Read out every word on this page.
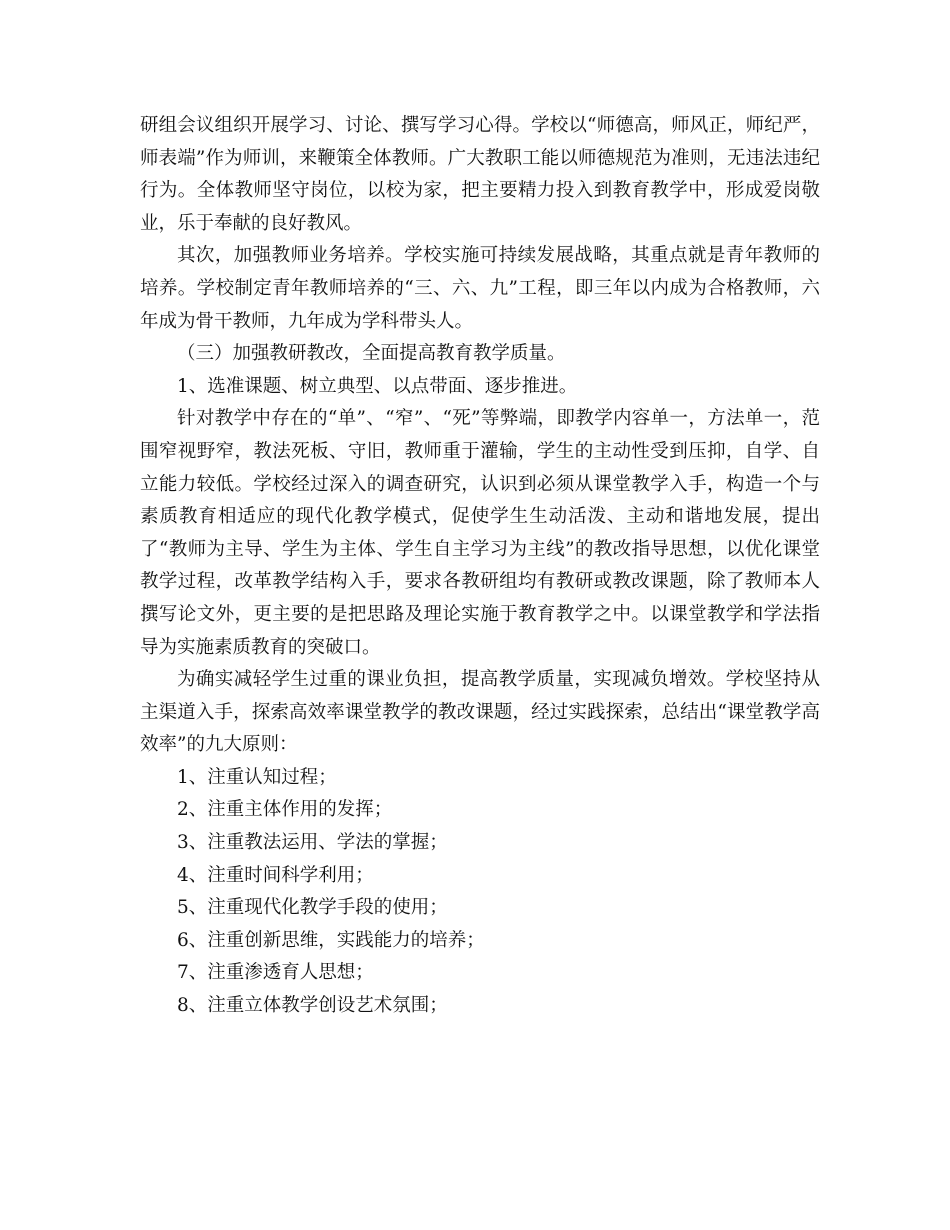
研组会议组织开展学习、讨论、撰写学习心得。学校以“师德高，师风正，师纪严，师表端”作为师训，来鞭策全体教师。广大教职工能以师德规范为准则，无违法违纪行为。全体教师坚守岗位，以校为家，把主要精力投入到教育教学中，形成爱岗敬业，乐于奉献的良好教风。

其次，加强教师业务培养。学校实施可持续发展战略，其重点就是青年教师的培养。学校制定青年教师培养的“三、六、九”工程，即三年以内成为合格教师，六年成为骨干教师，九年成为学科带头人。

（三）加强教研教改，全面提高教育教学质量。

1、选准课题、树立典型、以点带面、逐步推进。

针对教学中存在的“单”、“窄”、“死”等弊端，即教学内容单一，方法单一，范围窄视野窄，教法死板、守旧，教师重于灌输，学生的主动性受到压抑，自学、自立能力较低。学校经过深入的调查研究，认识到必须从课堂教学入手，构造一个与素质教育相适应的现代化教学模式，促使学生生动活泼、主动和谐地发展，提出了“教师为主导、学生为主体、学生自主学习为主线”的教改指导思想，以优化课堂教学过程，改革教学结构入手，要求各教研组均有教研或教改课题，除了教师本人撰写论文外，更主要的是把思路及理论实施于教育教学之中。以课堂教学和学法指导为实施素质教育的突破口。

为确实减轻学生过重的课业负担，提高教学质量，实现减负增效。学校坚持从主渠道入手，探索高效率课堂教学的教改课题，经过实践探索，总结出“课堂教学高效率”的九大原则：

1、注重认知过程；

2、注重主体作用的发挥；

3、注重教法运用、学法的掌握；

4、注重时间科学利用；

5、注重现代化教学手段的使用；

6、注重创新思维，实践能力的培养；

7、注重渗透育人思想；

8、注重立体教学创设艺术氛围；
